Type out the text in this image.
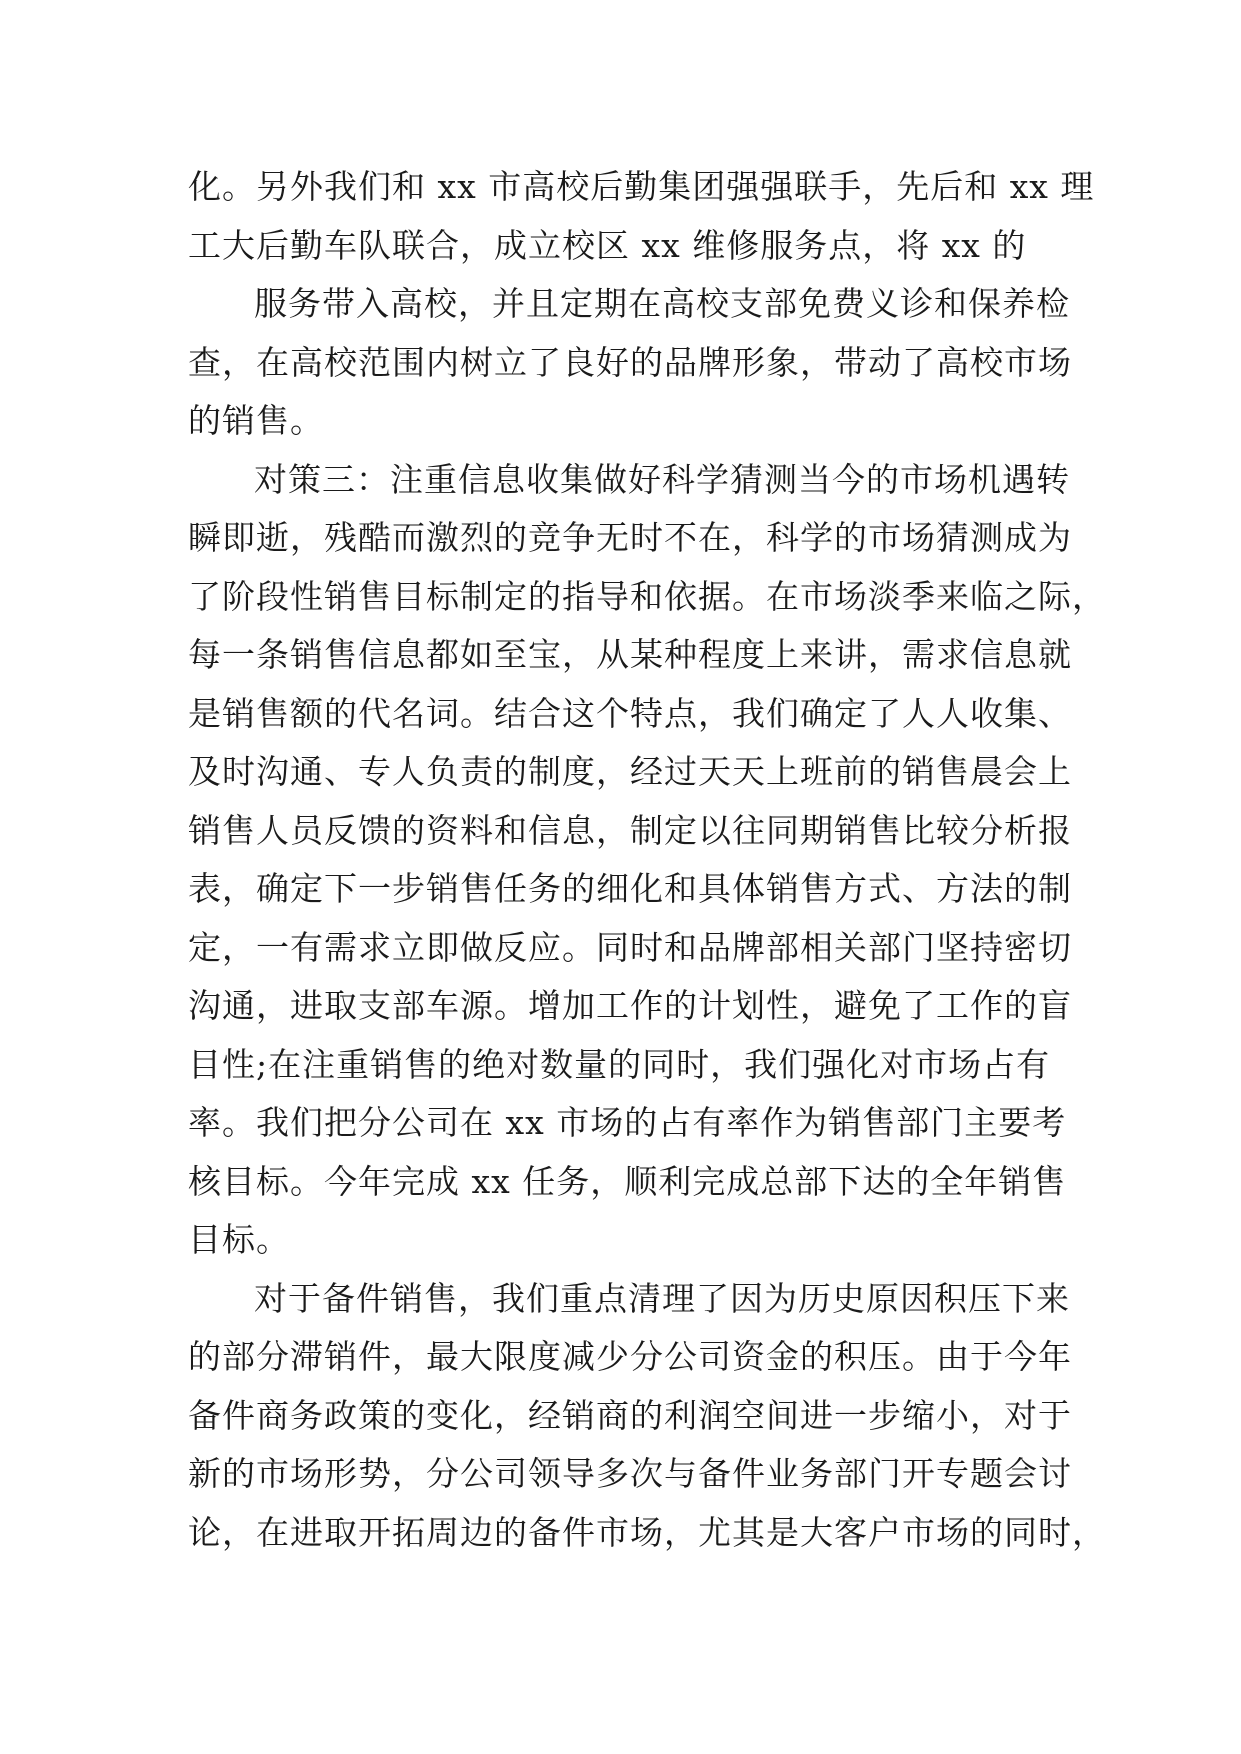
化。另外我们和 xx 市高校后勤集团强强联手，先后和 xx 理
工大后勤车队联合，成立校区 xx 维修服务点，将 xx 的
服务带入高校，并且定期在高校支部免费义诊和保养检
查，在高校范围内树立了良好的品牌形象，带动了高校市场
的销售。
对策三：注重信息收集做好科学猜测当今的市场机遇转
瞬即逝，残酷而激烈的竞争无时不在，科学的市场猜测成为
了阶段性销售目标制定的指导和依据。在市场淡季来临之际，
每一条销售信息都如至宝，从某种程度上来讲，需求信息就
是销售额的代名词。结合这个特点，我们确定了人人收集、
及时沟通、专人负责的制度，经过天天上班前的销售晨会上
销售人员反馈的资料和信息，制定以往同期销售比较分析报
表，确定下一步销售任务的细化和具体销售方式、方法的制
定，一有需求立即做反应。同时和品牌部相关部门坚持密切
沟通，进取支部车源。增加工作的计划性，避免了工作的盲
目性;在注重销售的绝对数量的同时，我们强化对市场占有
率。我们把分公司在 xx 市场的占有率作为销售部门主要考
核目标。今年完成 xx 任务，顺利完成总部下达的全年销售
目标。
对于备件销售，我们重点清理了因为历史原因积压下来
的部分滞销件，最大限度减少分公司资金的积压。由于今年
备件商务政策的变化，经销商的利润空间进一步缩小，对于
新的市场形势，分公司领导多次与备件业务部门开专题会讨
论，在进取开拓周边的备件市场，尤其是大客户市场的同时，
